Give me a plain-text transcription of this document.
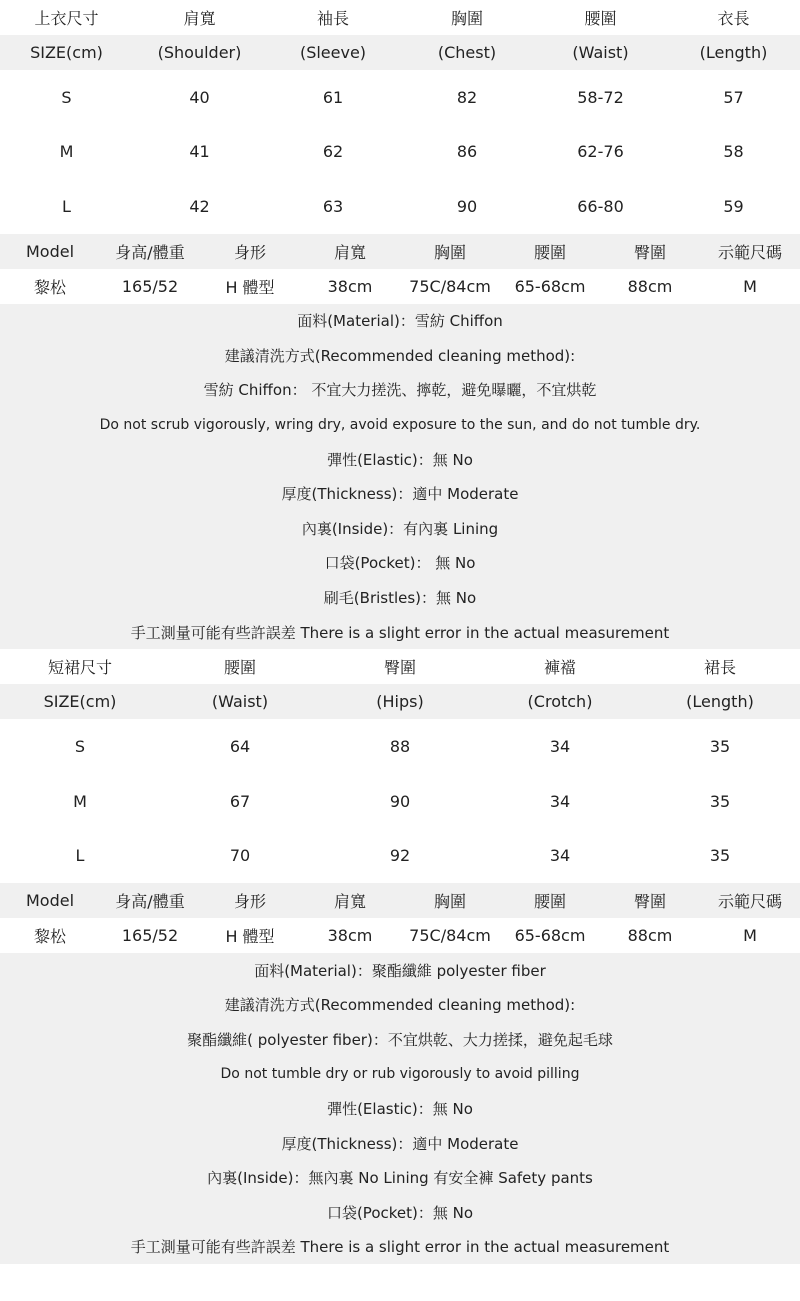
上衣尺寸	肩寬	袖長	胸圍	腰圍	衣長
SIZE(cm)	(Shoulder)	(Sleeve)	(Chest)	(Waist)	(Length)
S	40	61	82	58-72	57
M	41	62	86	62-76	58
L	42	63	90	66-80	59
Model	身高/體重	身形	肩寬	胸圍	腰圍	臀圍	示範尺碼
黎松	165/52	H 體型	38cm	75C/84cm	65-68cm	88cm	M
面料(Material)：雪紡 Chiffon
建議清洗方式(Recommended cleaning method):
雪紡 Chiffon： 不宜大力搓洗、擰乾，避免曝曬，不宜烘乾
Do not scrub vigorously, wring dry, avoid exposure to the sun, and do not tumble dry.
彈性(Elastic)：無 No
厚度(Thickness)：適中 Moderate
內裏(Inside)：有內裏 Lining
口袋(Pocket)： 無 No
刷毛(Bristles)：無 No
手工測量可能有些許誤差 There is a slight error in the actual measurement
短裙尺寸	腰圍	臀圍	褲襠	裙長
SIZE(cm)	(Waist)	(Hips)	(Crotch)	(Length)
S	64	88	34	35
M	67	90	34	35
L	70	92	34	35
Model	身高/體重	身形	肩寬	胸圍	腰圍	臀圍	示範尺碼
黎松	165/52	H 體型	38cm	75C/84cm	65-68cm	88cm	M
面料(Material)：聚酯纖維 polyester fiber
建議清洗方式(Recommended cleaning method):
聚酯纖維( polyester fiber)：不宜烘乾、大力搓揉，避免起毛球
Do not tumble dry or rub vigorously to avoid pilling
彈性(Elastic)：無 No
厚度(Thickness)：適中 Moderate
內裏(Inside)：無內裏 No Lining 有安全褲 Safety pants
口袋(Pocket)：無 No
手工測量可能有些許誤差 There is a slight error in the actual measurement
